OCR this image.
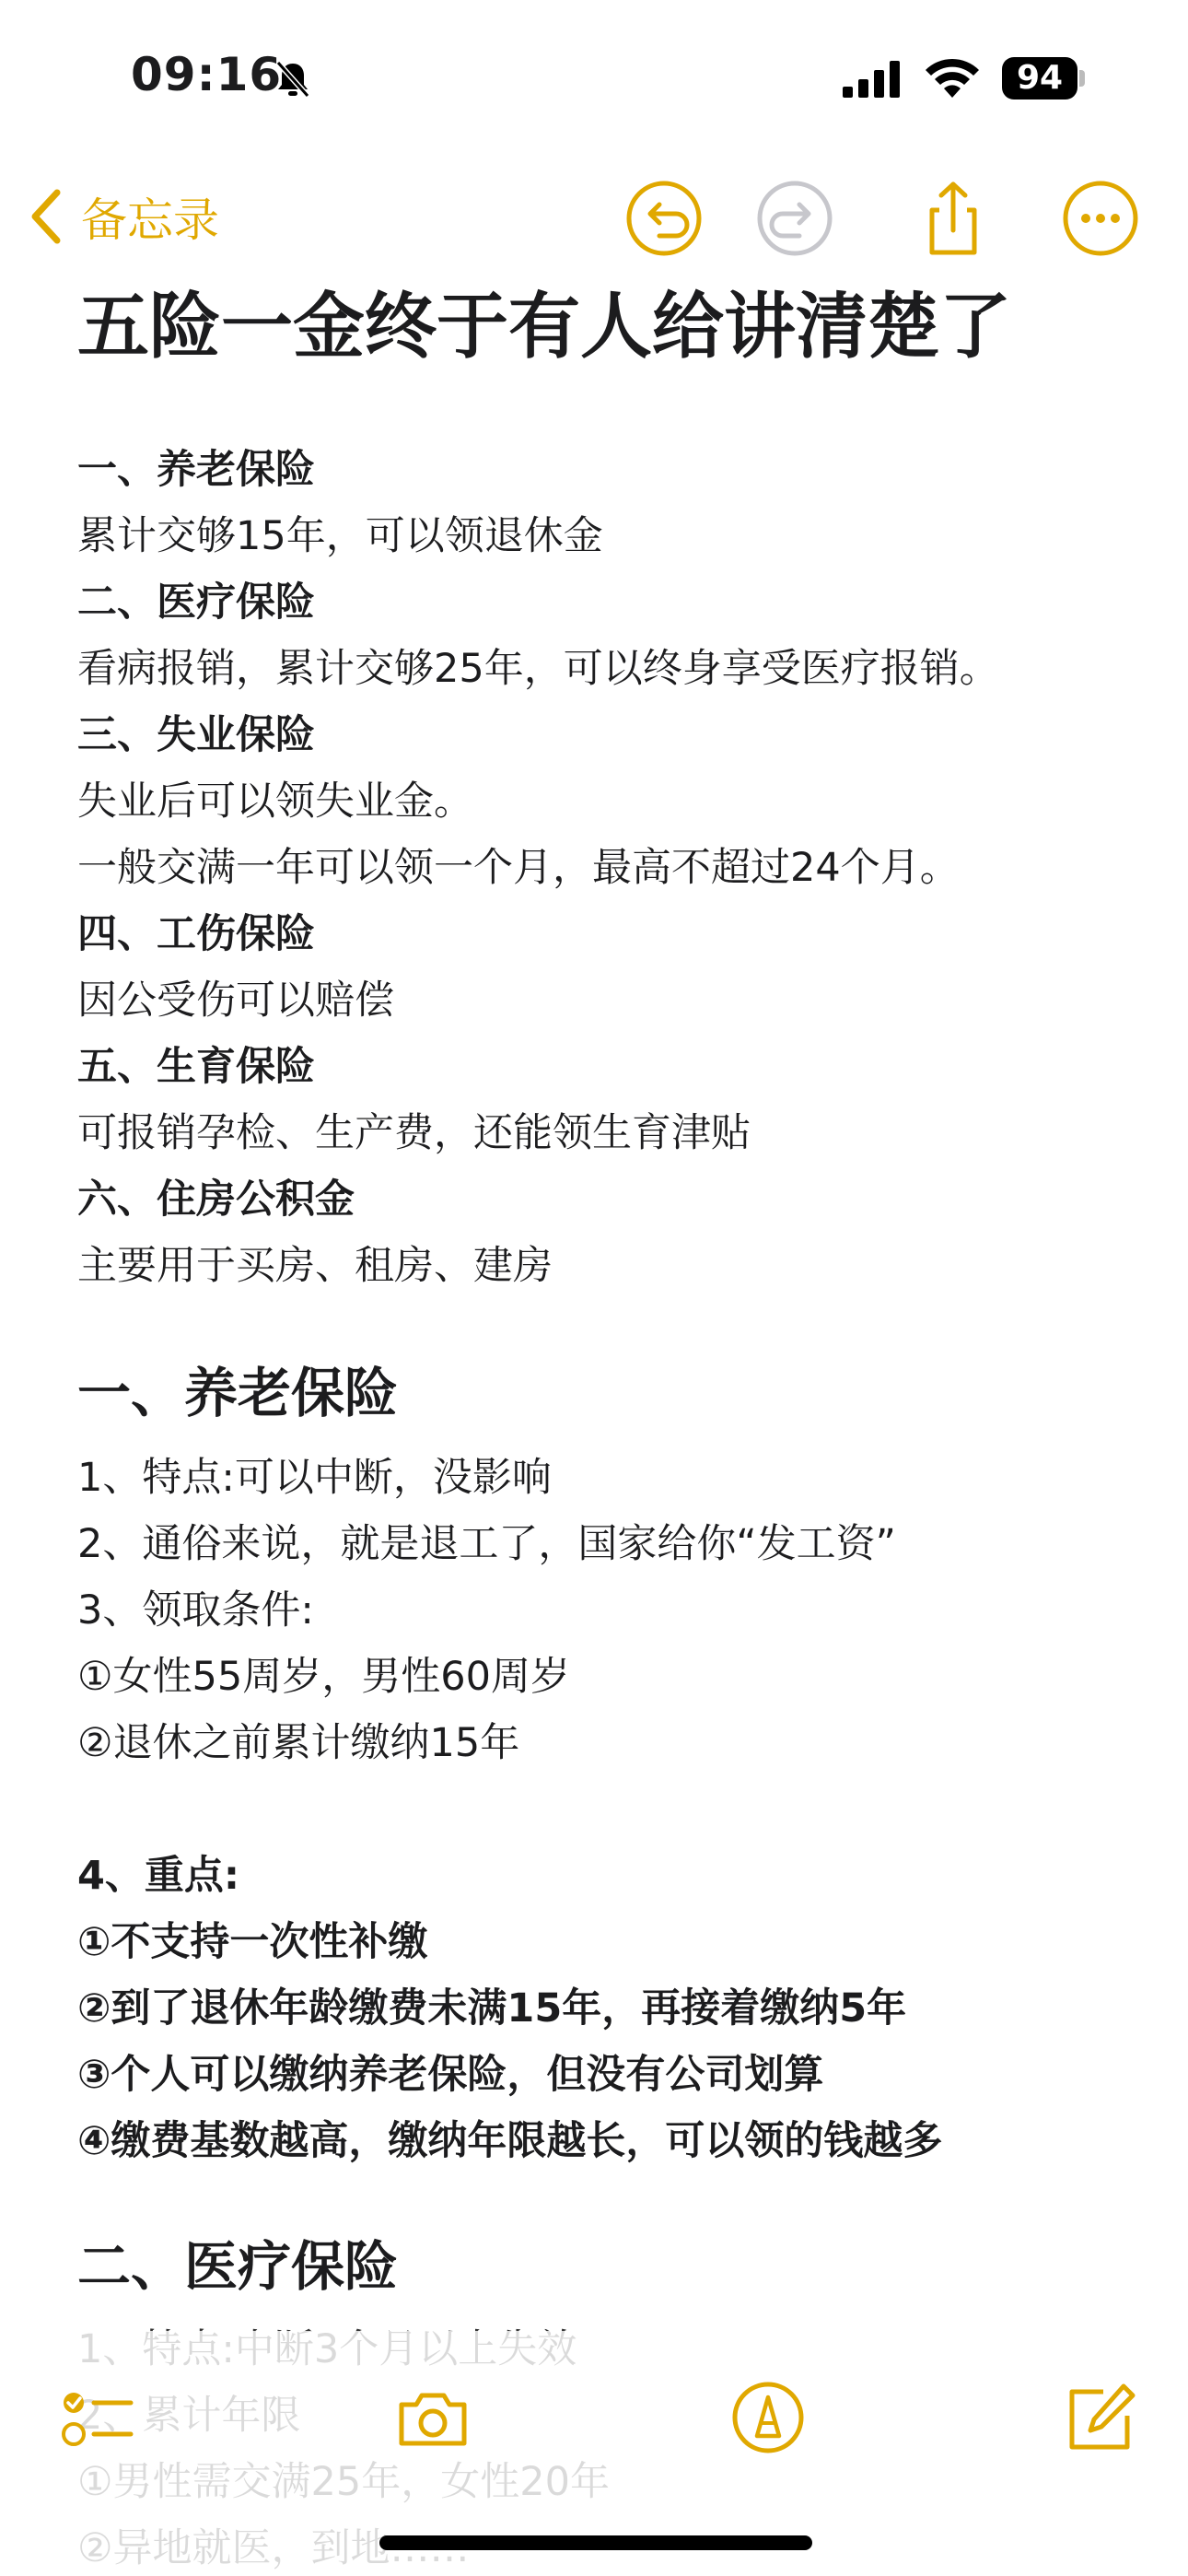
09:16	94
备忘录
五险一金终于有人给讲清楚了
一、养老保险
累计交够15年，可以领退休金
二、医疗保险
看病报销，累计交够25年，可以终身享受医疗报销。
三、失业保险
失业后可以领失业金。
一般交满一年可以领一个月，最高不超过24个月。
四、工伤保险
因公受伤可以赔偿
五、生育保险
可报销孕检、生产费，还能领生育津贴
六、住房公积金
主要用于买房、租房、建房
一、养老保险
1、特点:可以中断，没影响
2、通俗来说，就是退工了，国家给你“发工资”
3、领取条件:
①女性55周岁，男性60周岁
②退休之前累计缴纳15年
4、重点:
①不支持一次性补缴
②到了退休年龄缴费未满15年，再接着缴纳5年
③个人可以缴纳养老保险，但没有公司划算
④缴费基数越高，缴纳年限越长，可以领的钱越多
二、医疗保险
